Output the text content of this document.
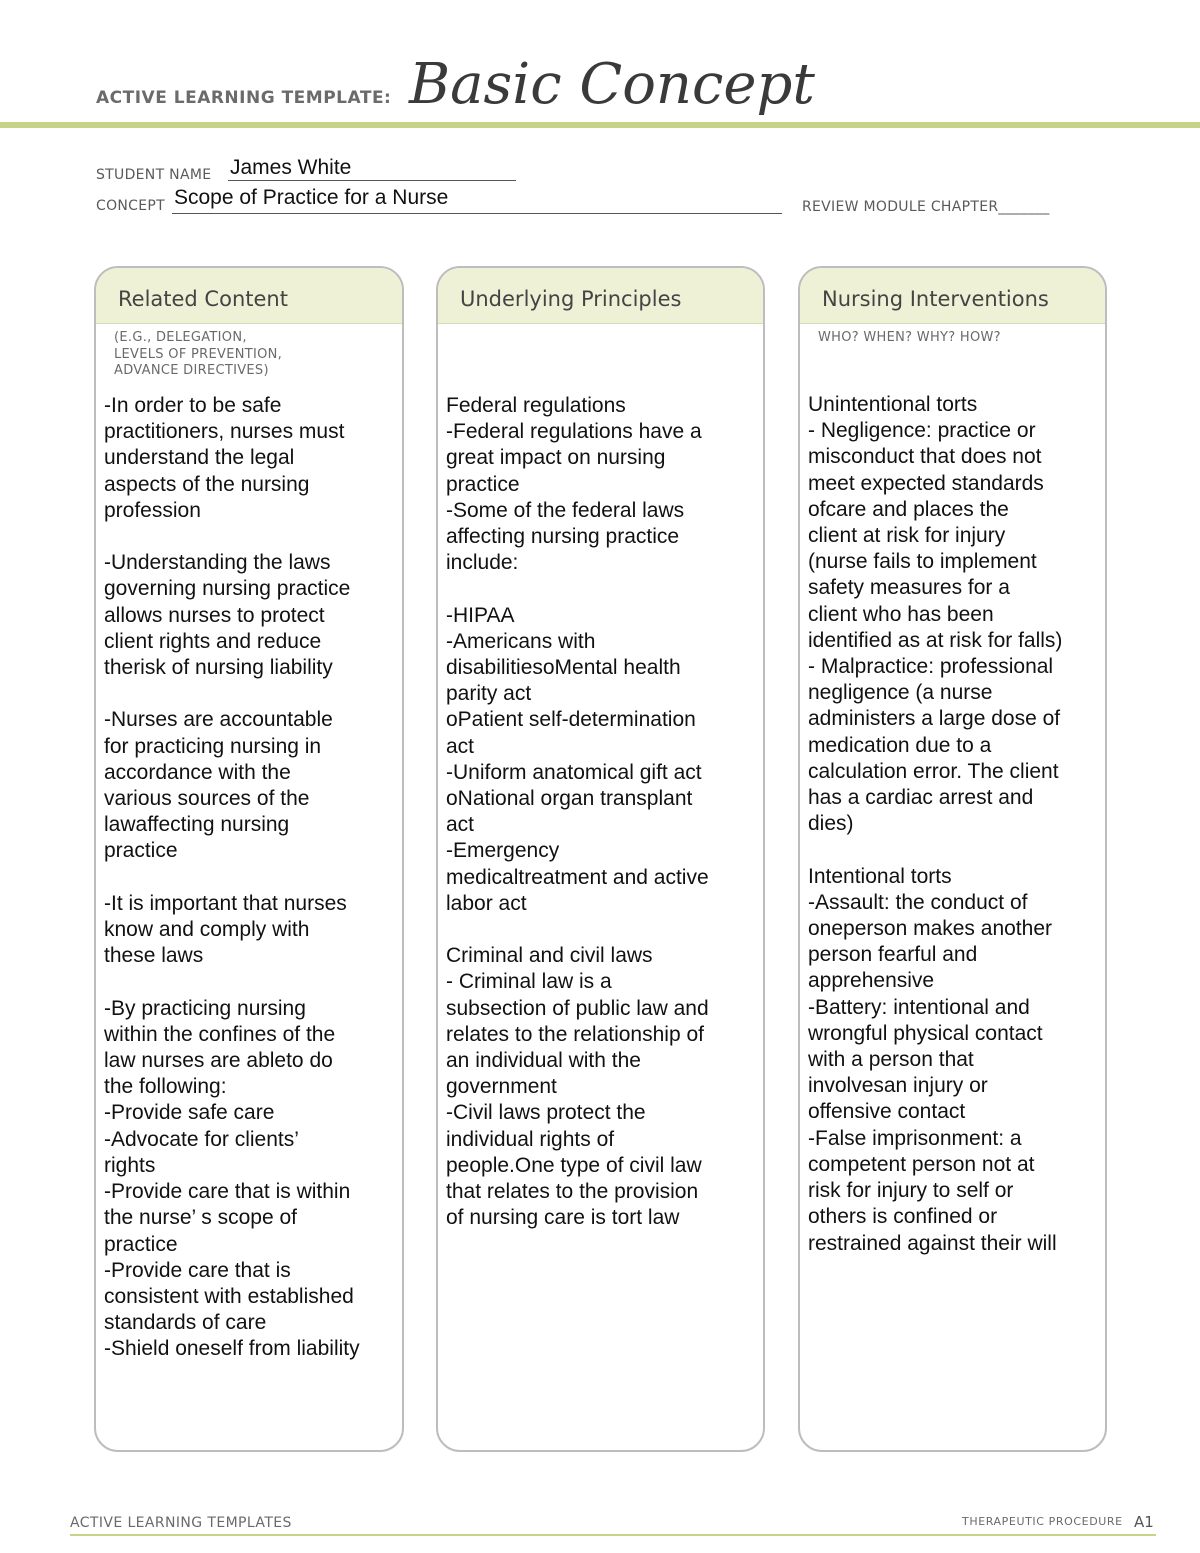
ACTIVE LEARNING TEMPLATE: Basic Concept
STUDENT NAME James White
CONCEPT Scope of Practice for a Nurse	REVIEW MODULE CHAPTER_______
Related Content
(E.G., DELEGATION,
LEVELS OF PREVENTION,
ADVANCE DIRECTIVES)
-In order to be safe
practitioners, nurses must
understand the legal
aspects of the nursing
profession

-Understanding the laws
governing nursing practice
allows nurses to protect
client rights and reduce
therisk of nursing liability

-Nurses are accountable
for practicing nursing in
accordance with the
various sources of the
lawaffecting nursing
practice

-It is important that nurses
know and comply with
these laws

-By practicing nursing
within the confines of the
law nurses are ableto do
the following:
-Provide safe care
-Advocate for clients’
rights
-Provide care that is within
the nurse’ s scope of
practice
-Provide care that is
consistent with established
standards of care
-Shield oneself from liability
Underlying Principles
Federal regulations
-Federal regulations have a
great impact on nursing
practice
-Some of the federal laws
affecting nursing practice
include:

-HIPAA
-Americans with
disabilitiesoMental health
parity act
oPatient self-determination
act
-Uniform anatomical gift act
oNational organ transplant
act
-Emergency
medicaltreatment and active
labor act

Criminal and civil laws
- Criminal law is a
subsection of public law and
relates to the relationship of
an individual with the
government
-Civil laws protect the
individual rights of
people.One type of civil law
that relates to the provision
of nursing care is tort law
Nursing Interventions
WHO? WHEN? WHY? HOW?
Unintentional torts
- Negligence: practice or
misconduct that does not
meet expected standards
ofcare and places the
client at risk for injury
(nurse fails to implement
safety measures for a
client who has been
identified as at risk for falls)
- Malpractice: professional
negligence (a nurse
administers a large dose of
medication due to a
calculation error. The client
has a cardiac arrest and
dies)

Intentional torts
-Assault: the conduct of
oneperson makes another
person fearful and
apprehensive
-Battery: intentional and
wrongful physical contact
with a person that
involvesan injury or
offensive contact
-False imprisonment: a
competent person not at
risk for injury to self or
others is confined or
restrained against their will
ACTIVE LEARNING TEMPLATES	THERAPEUTIC PROCEDURE A1
